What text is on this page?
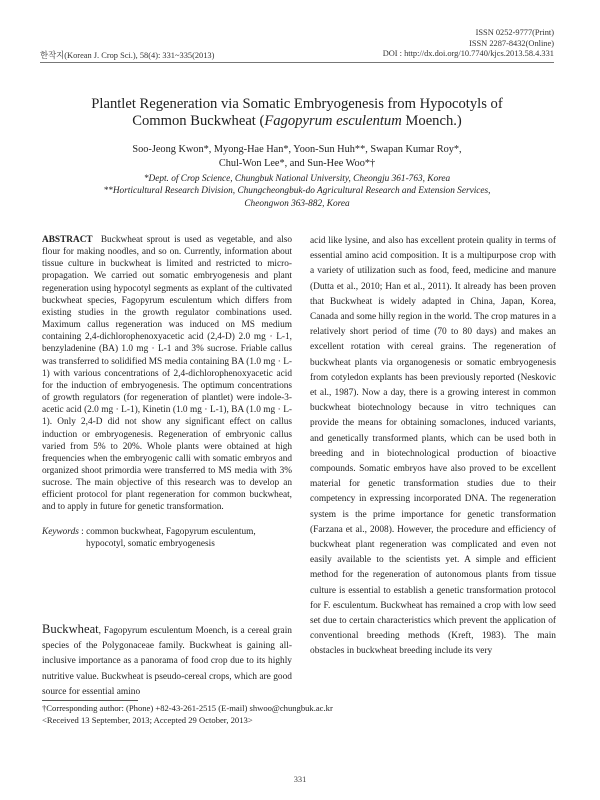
ISSN 0252-9777(Print)
ISSN 2287-8432(Online)
DOI : http://dx.doi.org/10.7740/kjcs.2013.58.4.331
한작지(Korean J. Crop Sci.), 58(4): 331~335(2013)
Plantlet Regeneration via Somatic Embryogenesis from Hypocotyls of
Common Buckwheat (Fagopyrum esculentum Moench.)
Soo-Jeong Kwon*, Myong-Hae Han*, Yoon-Sun Huh**, Swapan Kumar Roy*,
Chul-Won Lee*, and Sun-Hee Woo*†
*Dept. of Crop Science, Chungbuk National University, Cheongju 361-763, Korea
**Horticultural Research Division, Chungcheongbuk-do Agricultural Research and Extension Services,
Cheongwon 363-882, Korea

ABSTRACT Buckwheat sprout is used as vegetable, and also flour for making noodles, and so on. Currently, information about tissue culture in buckwheat is limited and restricted to micro-propagation. We carried out somatic embryogenesis and plant regeneration using hypocotyl segments as explant of the cultivated buckwheat species, Fagopyrum esculentum which differs from existing studies in the growth regulator combinations used. Maximum callus regeneration was induced on MS medium containing 2,4-dichlorophenoxyacetic acid (2,4-D) 2.0 mg · L-1, benzyladenine (BA) 1.0 mg · L-1 and 3% sucrose. Friable callus was transferred to solidified MS media containing BA (1.0 mg · L-1) with various concentrations of 2,4-dichlorophenoxyacetic acid for the induction of embryogenesis. The optimum concentrations of growth regulators (for regeneration of plantlet) were indole-3-acetic acid (2.0 mg · L-1), Kinetin (1.0 mg · L-1), BA (1.0 mg · L-1). Only 2,4-D did not show any significant effect on callus induction or embryogenesis. Regeneration of embryonic callus varied from 5% to 20%. Whole plants were obtained at high frequencies when the embryogenic calli with somatic embryos and organized shoot primordia were transferred to MS media with 3% sucrose. The main objective of this research was to develop an efficient protocol for plant regeneration for common buckwheat, and to apply in future for genetic transformation.

Keywords : common buckwheat, Fagopyrum esculentum,
hypocotyl, somatic embryogenesis

Buckwheat, Fagopyrum esculentum Moench, is a cereal grain species of the Polygonaceae family. Buckwheat is gaining all-inclusive importance as a panorama of food crop due to its highly nutritive value. Buckwheat is pseudo-cereal crops, which are good source for essential amino

acid like lysine, and also has excellent protein quality in terms of essential amino acid composition. It is a multipurpose crop with a variety of utilization such as food, feed, medicine and manure (Dutta et al., 2010; Han et al., 2011). It already has been proven that Buckwheat is widely adapted in China, Japan, Korea, Canada and some hilly region in the world. The crop matures in a relatively short period of time (70 to 80 days) and makes an excellent rotation with cereal grains. The regeneration of buckwheat plants via organogenesis or somatic embryogenesis from cotyledon explants has been previously reported (Neskovic et al., 1987). Now a day, there is a growing interest in common buckwheat biotechnology because in vitro techniques can provide the means for obtaining somaclones, induced variants, and genetically transformed plants, which can be used both in breeding and in biotechnological production of bioactive compounds. Somatic embryos have also proved to be excellent material for genetic transformation studies due to their competency in expressing incorporated DNA. The regeneration system is the prime importance for genetic transformation (Farzana et al., 2008). However, the procedure and efficiency of buckwheat plant regeneration was complicated and even not easily available to the scientists yet. A simple and efficient method for the regeneration of autonomous plants from tissue culture is essential to establish a genetic transformation protocol for F. esculentum. Buckwheat has remained a crop with low seed set due to certain characteristics which prevent the application of conventional breeding methods (Kreft, 1983). The main obstacles in buckwheat breeding include its very

†Corresponding author: (Phone) +82-43-261-2515 (E-mail) shwoo@chungbuk.ac.kr
<Received 13 September, 2013; Accepted 29 October, 2013>
331
